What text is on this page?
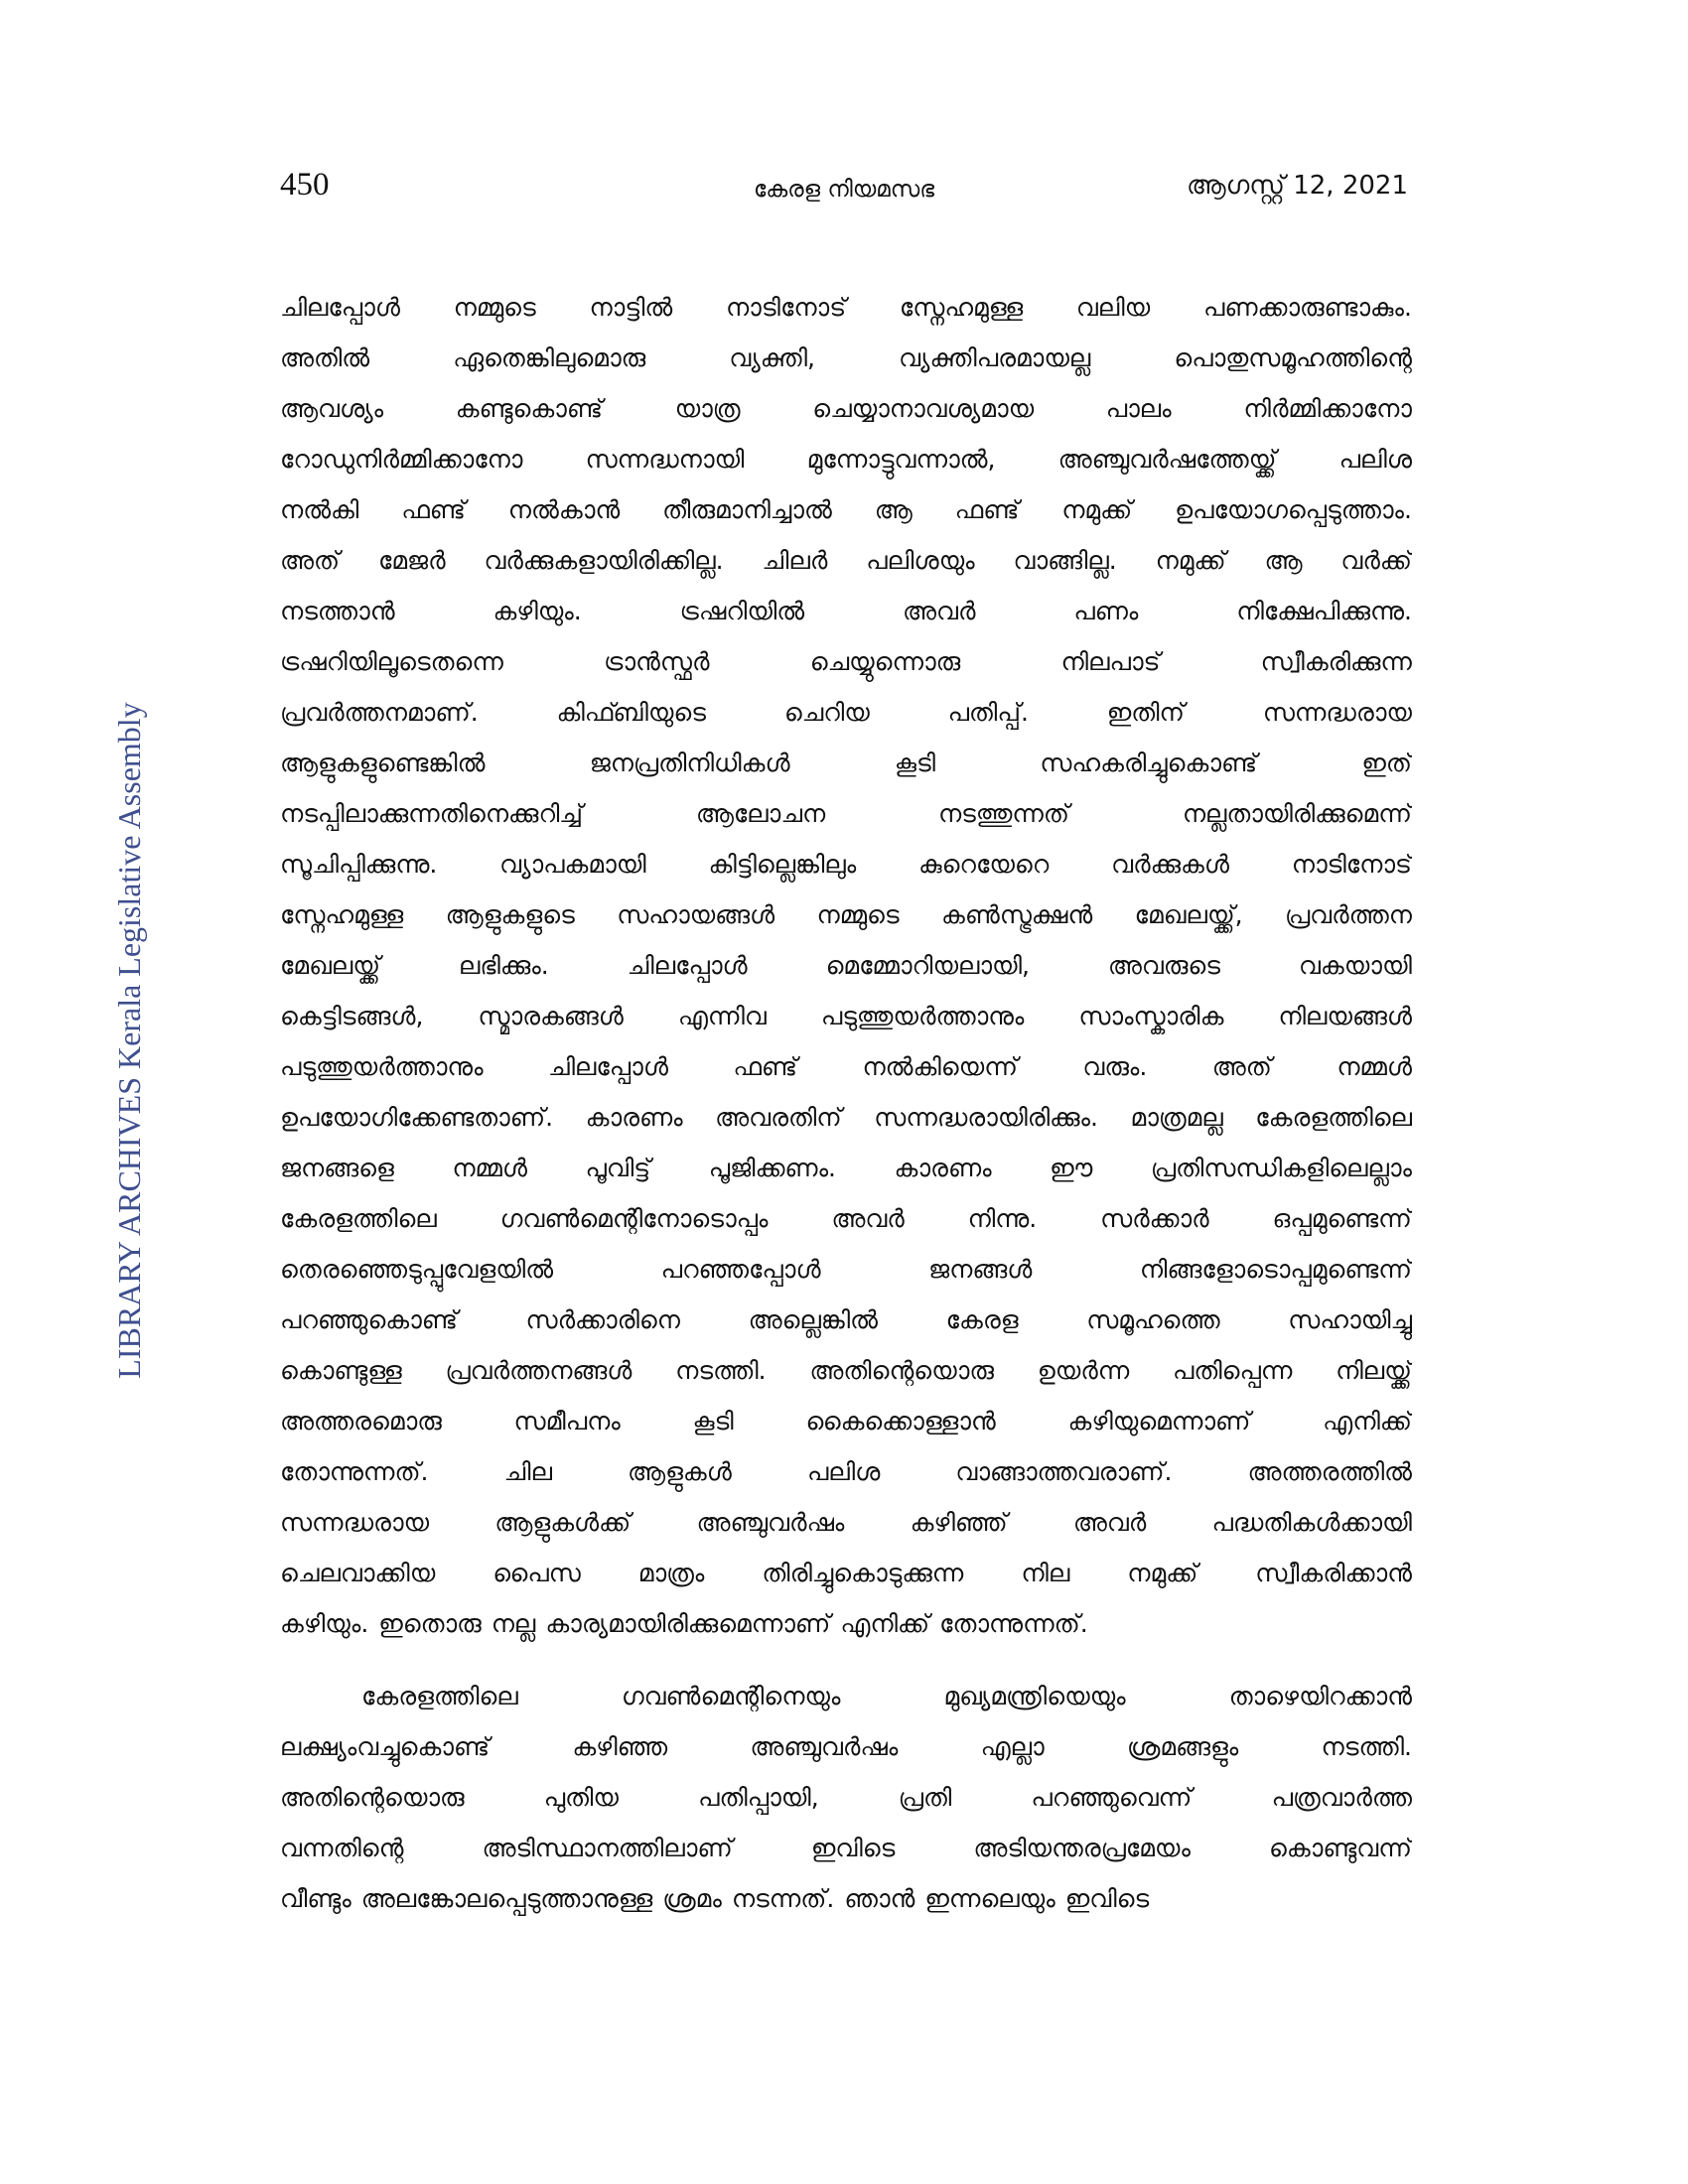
450	കേരള നിയമസഭ	ആഗസ്റ്റ് 12, 2021
LIBRARY ARCHIVES Kerala Legislative Assembly
ചിലപ്പോൾ നമ്മുടെ നാട്ടിൽ നാടിനോട് സ്നേഹമുള്ള വലിയ പണക്കാരുണ്ടാകും.
അതിൽ	ഏതെങ്കിലുമൊരു	വ്യക്തി,	വ്യക്തിപരമായല്ല	പൊതുസമൂഹത്തിന്റെ
ആവശ്യം	കണ്ടുകൊണ്ട്	യാത്ര	ചെയ്യാനാവശ്യമായ	പാലം	നിർമ്മിക്കാനോ
റോഡുനിർമ്മിക്കാനോ	സന്നദ്ധനായി	മുന്നോട്ടുവന്നാൽ,	അഞ്ചുവർഷത്തേയ്ക്ക്	പലിശ
നൽകി ഫണ്ട് നൽകാൻ തീരുമാനിച്ചാൽ ആ ഫണ്ട് നമുക്ക് ഉപയോഗപ്പെടുത്താം.
അത് മേജർ വർക്കുകളായിരിക്കില്ല. ചിലർ പലിശയും വാങ്ങില്ല. നമുക്ക് ആ വർക്ക്
നടത്താൻ	കഴിയും.	ട്രഷറിയിൽ	അവർ	പണം	നിക്ഷേപിക്കുന്നു.
ട്രഷറിയിലൂടെതന്നെ	ട്രാൻസ്ഫർ	ചെയ്യുന്നൊരു	നിലപാട്	സ്വീകരിക്കുന്ന
പ്രവർത്തനമാണ്.	കിഫ്ബിയുടെ	ചെറിയ	പതിപ്പ്.	ഇതിന്	സന്നദ്ധരായ
ആളുകളുണ്ടെങ്കിൽ	ജനപ്രതിനിധികൾ	കൂടി	സഹകരിച്ചുകൊണ്ട്	ഇത്
നടപ്പിലാക്കുന്നതിനെക്കുറിച്ച്	ആലോചന	നടത്തുന്നത്	നല്ലതായിരിക്കുമെന്ന്
സൂചിപ്പിക്കുന്നു.	വ്യാപകമായി	കിട്ടില്ലെങ്കിലും	കുറെയേറെ	വർക്കുകൾ	നാടിനോട്
സ്നേഹമുള്ള ആളുകളുടെ സഹായങ്ങൾ നമ്മുടെ കൺസ്ട്രക്ഷൻ മേഖലയ്ക്ക്, പ്രവർത്തന
മേഖലയ്ക്ക്	ലഭിക്കും.	ചിലപ്പോൾ	മെമ്മോറിയലായി,	അവരുടെ	വകയായി
കെട്ടിടങ്ങൾ, സ്മാരകങ്ങൾ എന്നിവ പടുത്തുയർത്താനും സാംസ്കാരിക നിലയങ്ങൾ
പടുത്തുയർത്താനും	ചിലപ്പോൾ	ഫണ്ട്	നൽകിയെന്ന്	വരും.	അത്	നമ്മൾ
ഉപയോഗിക്കേണ്ടതാണ്. കാരണം അവരതിന് സന്നദ്ധരായിരിക്കും. മാത്രമല്ല കേരളത്തിലെ
ജനങ്ങളെ നമ്മൾ പൂവിട്ട് പൂജിക്കണം. കാരണം ഈ പ്രതിസന്ധികളിലെല്ലാം
കേരളത്തിലെ	ഗവൺമെന്റിനോടൊപ്പം	അവർ	നിന്നു.	സർക്കാർ	ഒപ്പമുണ്ടെന്ന്
തെരഞ്ഞെടുപ്പുവേളയിൽ	പറഞ്ഞപ്പോൾ	ജനങ്ങൾ	നിങ്ങളോടൊപ്പമുണ്ടെന്ന്
പറഞ്ഞുകൊണ്ട്	സർക്കാരിനെ	അല്ലെങ്കിൽ	കേരള	സമൂഹത്തെ	സഹായിച്ചു
കൊണ്ടുള്ള പ്രവർത്തനങ്ങൾ നടത്തി. അതിന്റെയൊരു ഉയർന്ന പതിപ്പെന്ന നിലയ്ക്ക്
അത്തരമൊരു	സമീപനം	കൂടി	കൈക്കൊള്ളാൻ	കഴിയുമെന്നാണ്	എനിക്ക്
തോന്നുന്നത്.	ചില	ആളുകൾ	പലിശ	വാങ്ങാത്തവരാണ്.	അത്തരത്തിൽ
സന്നദ്ധരായ	ആളുകൾക്ക്	അഞ്ചുവർഷം	കഴിഞ്ഞ്	അവർ	പദ്ധതികൾക്കായി
ചെലവാക്കിയ പൈസ മാത്രം തിരിച്ചുകൊടുക്കുന്ന നില നമുക്ക് സ്വീകരിക്കാൻ
കഴിയും. ഇതൊരു നല്ല കാര്യമായിരിക്കുമെന്നാണ് എനിക്ക് തോന്നുന്നത്.
കേരളത്തിലെ	ഗവൺമെന്റിനെയും	മുഖ്യമന്ത്രിയെയും	താഴെയിറക്കാൻ
ലക്ഷ്യംവച്ചുകൊണ്ട്	കഴിഞ്ഞ	അഞ്ചുവർഷം	എല്ലാ	ശ്രമങ്ങളും	നടത്തി.
അതിന്റെയൊരു	പുതിയ	പതിപ്പായി,	പ്രതി	പറഞ്ഞുവെന്ന്	പത്രവാർത്ത
വന്നതിന്റെ	അടിസ്ഥാനത്തിലാണ്	ഇവിടെ	അടിയന്തരപ്രമേയം	കൊണ്ടുവന്ന്
വീണ്ടും അലങ്കോലപ്പെടുത്താനുള്ള ശ്രമം നടന്നത്. ഞാൻ ഇന്നലെയും ഇവിടെ
